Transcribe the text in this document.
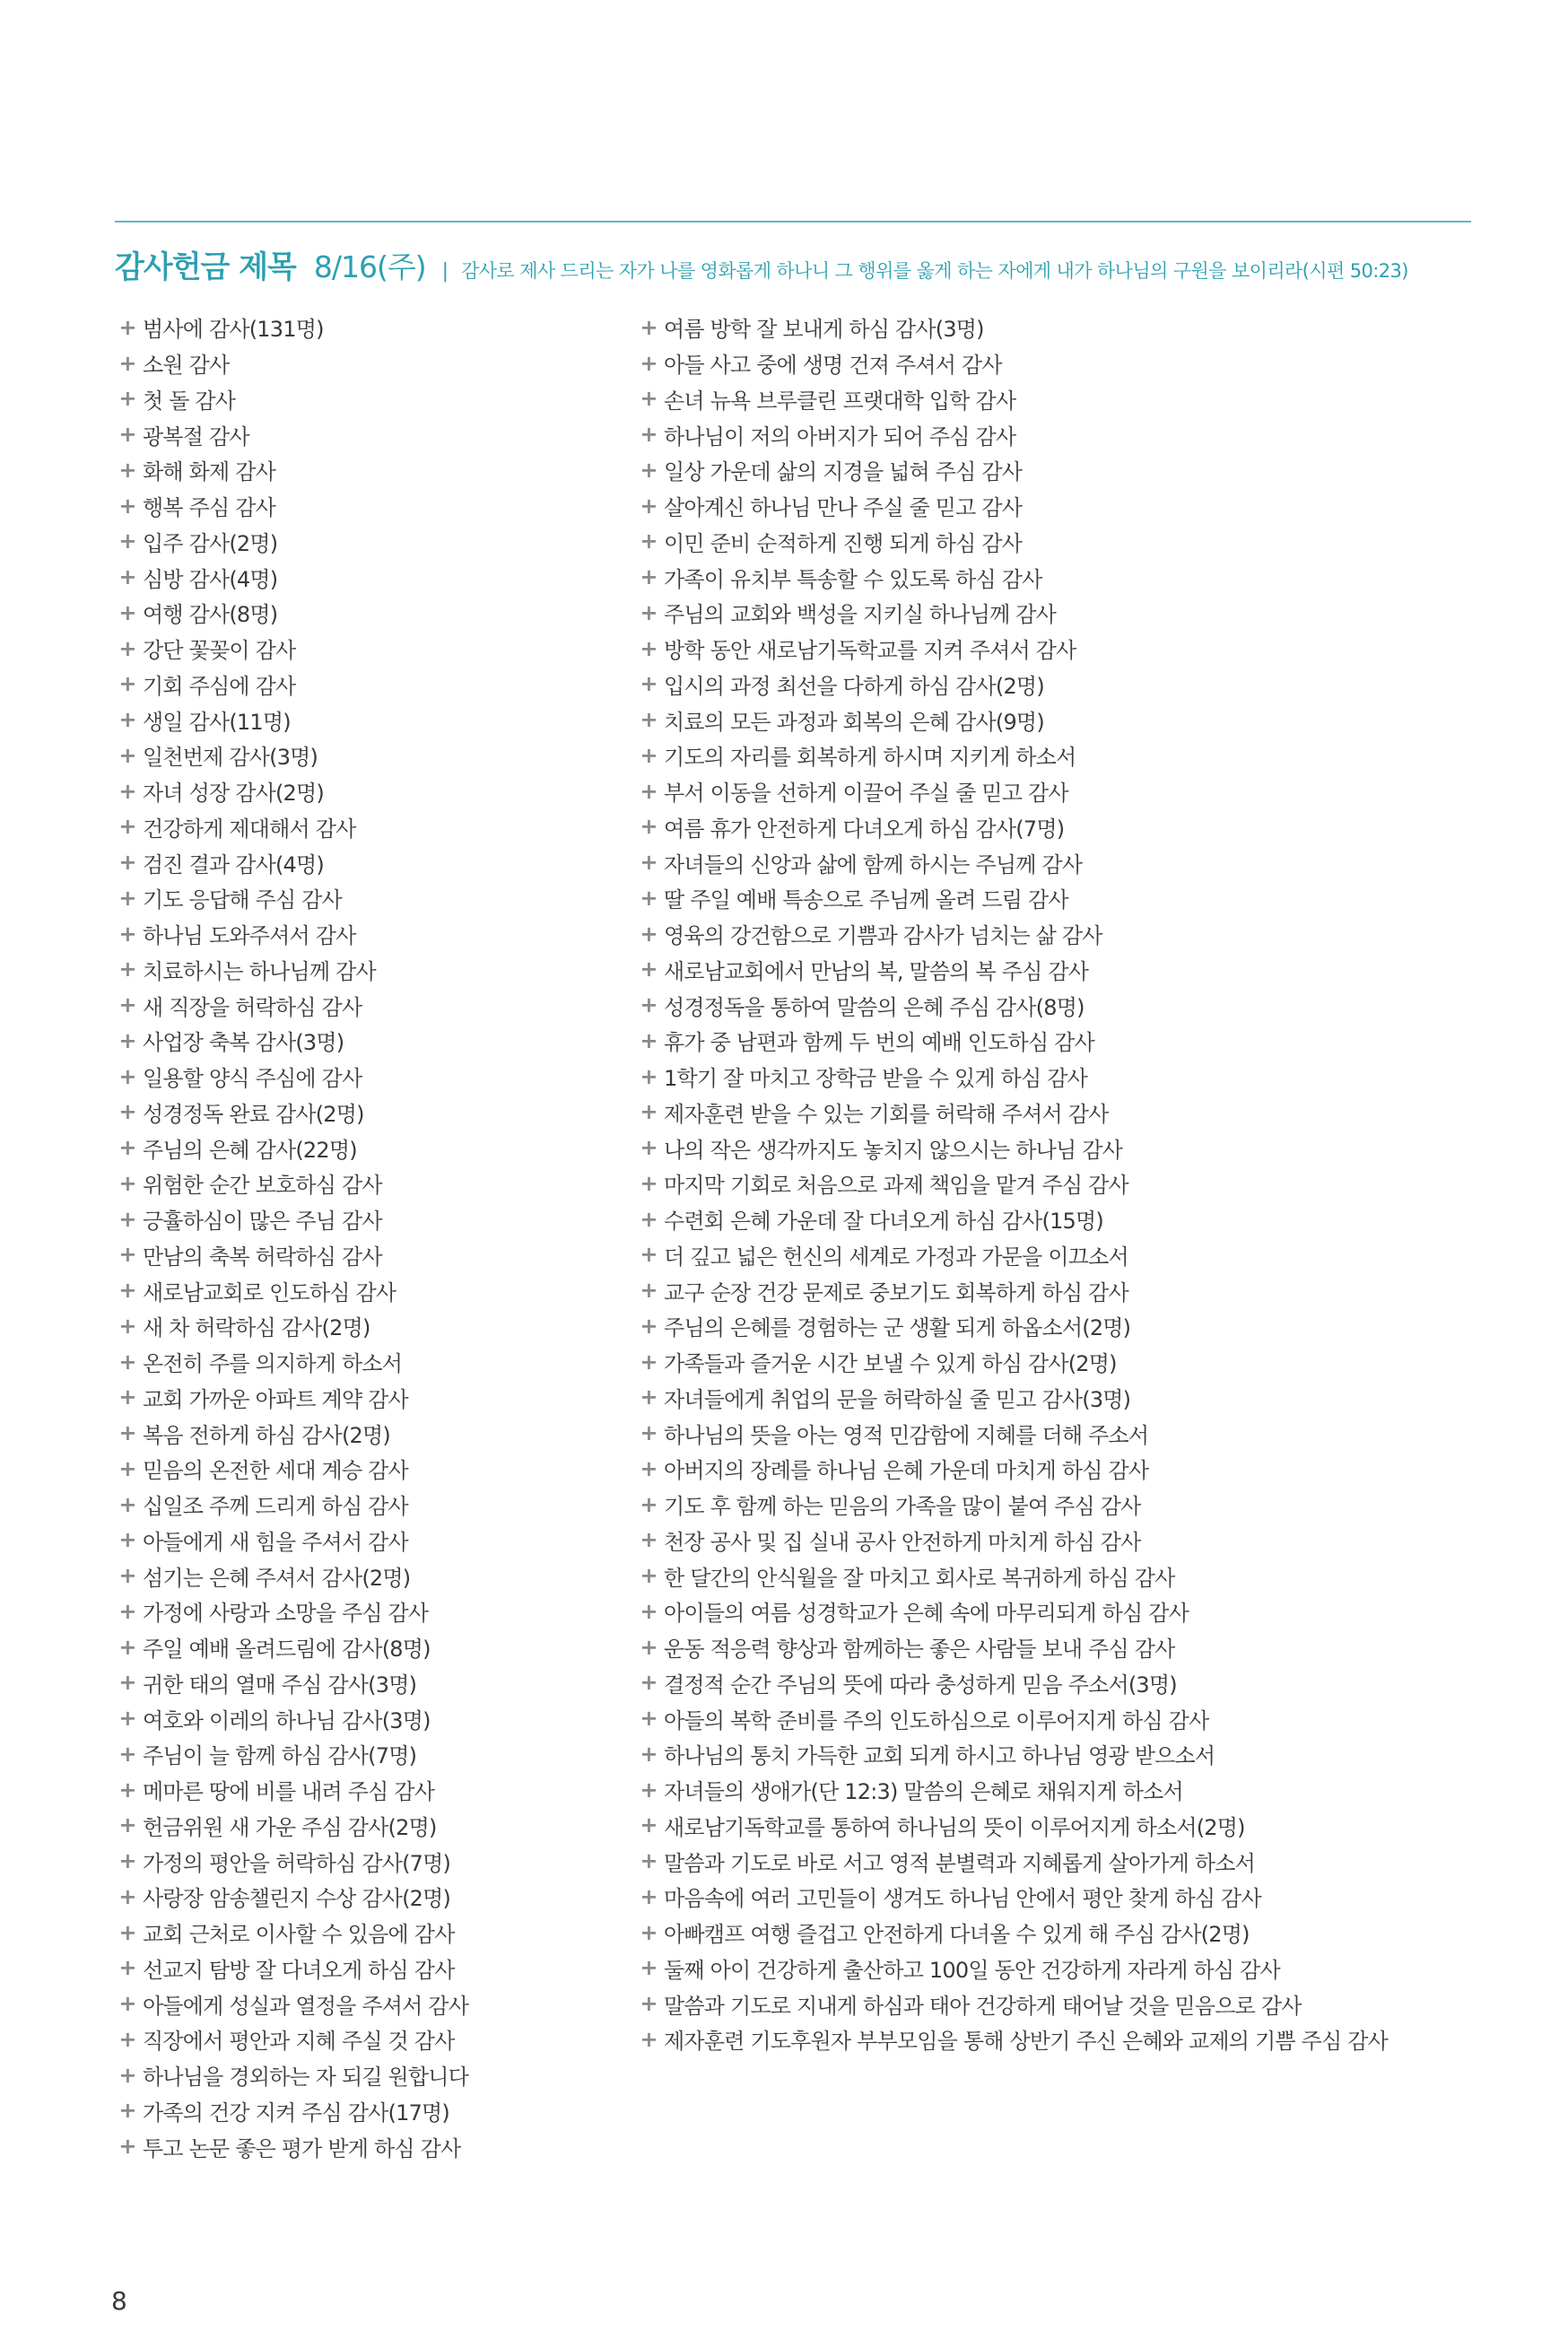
감사헌금 제목 8/16(주) | 감사로 제사 드리는 자가 나를 영화롭게 하나니 그 행위를 옳게 하는 자에게 내가 하나님의 구원을 보이리라(시편 50:23)
+ 범사에 감사(131명)
+ 소원 감사
+ 첫 돌 감사
+ 광복절 감사
+ 화해 화제 감사
+ 행복 주심 감사
+ 입주 감사(2명)
+ 심방 감사(4명)
+ 여행 감사(8명)
+ 강단 꽃꽂이 감사
+ 기회 주심에 감사
+ 생일 감사(11명)
+ 일천번제 감사(3명)
+ 자녀 성장 감사(2명)
+ 건강하게 제대해서 감사
+ 검진 결과 감사(4명)
+ 기도 응답해 주심 감사
+ 하나님 도와주셔서 감사
+ 치료하시는 하나님께 감사
+ 새 직장을 허락하심 감사
+ 사업장 축복 감사(3명)
+ 일용할 양식 주심에 감사
+ 성경정독 완료 감사(2명)
+ 주님의 은혜 감사(22명)
+ 위험한 순간 보호하심 감사
+ 긍휼하심이 많은 주님 감사
+ 만남의 축복 허락하심 감사
+ 새로남교회로 인도하심 감사
+ 새 차 허락하심 감사(2명)
+ 온전히 주를 의지하게 하소서
+ 교회 가까운 아파트 계약 감사
+ 복음 전하게 하심 감사(2명)
+ 믿음의 온전한 세대 계승 감사
+ 십일조 주께 드리게 하심 감사
+ 아들에게 새 힘을 주셔서 감사
+ 섬기는 은혜 주셔서 감사(2명)
+ 가정에 사랑과 소망을 주심 감사
+ 주일 예배 올려드림에 감사(8명)
+ 귀한 태의 열매 주심 감사(3명)
+ 여호와 이레의 하나님 감사(3명)
+ 주님이 늘 함께 하심 감사(7명)
+ 메마른 땅에 비를 내려 주심 감사
+ 헌금위원 새 가운 주심 감사(2명)
+ 가정의 평안을 허락하심 감사(7명)
+ 사랑장 암송챌린지 수상 감사(2명)
+ 교회 근처로 이사할 수 있음에 감사
+ 선교지 탐방 잘 다녀오게 하심 감사
+ 아들에게 성실과 열정을 주셔서 감사
+ 직장에서 평안과 지혜 주실 것 감사
+ 하나님을 경외하는 자 되길 원합니다
+ 가족의 건강 지켜 주심 감사(17명)
+ 투고 논문 좋은 평가 받게 하심 감사
+ 여름 방학 잘 보내게 하심 감사(3명)
+ 아들 사고 중에 생명 건져 주셔서 감사
+ 손녀 뉴욕 브루클린 프랫대학 입학 감사
+ 하나님이 저의 아버지가 되어 주심 감사
+ 일상 가운데 삶의 지경을 넓혀 주심 감사
+ 살아계신 하나님 만나 주실 줄 믿고 감사
+ 이민 준비 순적하게 진행 되게 하심 감사
+ 가족이 유치부 특송할 수 있도록 하심 감사
+ 주님의 교회와 백성을 지키실 하나님께 감사
+ 방학 동안 새로남기독학교를 지켜 주셔서 감사
+ 입시의 과정 최선을 다하게 하심 감사(2명)
+ 치료의 모든 과정과 회복의 은혜 감사(9명)
+ 기도의 자리를 회복하게 하시며 지키게 하소서
+ 부서 이동을 선하게 이끌어 주실 줄 믿고 감사
+ 여름 휴가 안전하게 다녀오게 하심 감사(7명)
+ 자녀들의 신앙과 삶에 함께 하시는 주님께 감사
+ 딸 주일 예배 특송으로 주님께 올려 드림 감사
+ 영육의 강건함으로 기쁨과 감사가 넘치는 삶 감사
+ 새로남교회에서 만남의 복, 말씀의 복 주심 감사
+ 성경정독을 통하여 말씀의 은혜 주심 감사(8명)
+ 휴가 중 남편과 함께 두 번의 예배 인도하심 감사
+ 1학기 잘 마치고 장학금 받을 수 있게 하심 감사
+ 제자훈련 받을 수 있는 기회를 허락해 주셔서 감사
+ 나의 작은 생각까지도 놓치지 않으시는 하나님 감사
+ 마지막 기회로 처음으로 과제 책임을 맡겨 주심 감사
+ 수련회 은혜 가운데 잘 다녀오게 하심 감사(15명)
+ 더 깊고 넓은 헌신의 세계로 가정과 가문을 이끄소서
+ 교구 순장 건강 문제로 중보기도 회복하게 하심 감사
+ 주님의 은혜를 경험하는 군 생활 되게 하옵소서(2명)
+ 가족들과 즐거운 시간 보낼 수 있게 하심 감사(2명)
+ 자녀들에게 취업의 문을 허락하실 줄 믿고 감사(3명)
+ 하나님의 뜻을 아는 영적 민감함에 지혜를 더해 주소서
+ 아버지의 장례를 하나님 은혜 가운데 마치게 하심 감사
+ 기도 후 함께 하는 믿음의 가족을 많이 붙여 주심 감사
+ 천장 공사 및 집 실내 공사 안전하게 마치게 하심 감사
+ 한 달간의 안식월을 잘 마치고 회사로 복귀하게 하심 감사
+ 아이들의 여름 성경학교가 은혜 속에 마무리되게 하심 감사
+ 운동 적응력 향상과 함께하는 좋은 사람들 보내 주심 감사
+ 결정적 순간 주님의 뜻에 따라 충성하게 믿음 주소서(3명)
+ 아들의 복학 준비를 주의 인도하심으로 이루어지게 하심 감사
+ 하나님의 통치 가득한 교회 되게 하시고 하나님 영광 받으소서
+ 자녀들의 생애가(단 12:3) 말씀의 은혜로 채워지게 하소서
+ 새로남기독학교를 통하여 하나님의 뜻이 이루어지게 하소서(2명)
+ 말씀과 기도로 바로 서고 영적 분별력과 지혜롭게 살아가게 하소서
+ 마음속에 여러 고민들이 생겨도 하나님 안에서 평안 찾게 하심 감사
+ 아빠캠프 여행 즐겁고 안전하게 다녀올 수 있게 해 주심 감사(2명)
+ 둘째 아이 건강하게 출산하고 100일 동안 건강하게 자라게 하심 감사
+ 말씀과 기도로 지내게 하심과 태아 건강하게 태어날 것을 믿음으로 감사
+ 제자훈련 기도후원자 부부모임을 통해 상반기 주신 은혜와 교제의 기쁨 주심 감사
8
